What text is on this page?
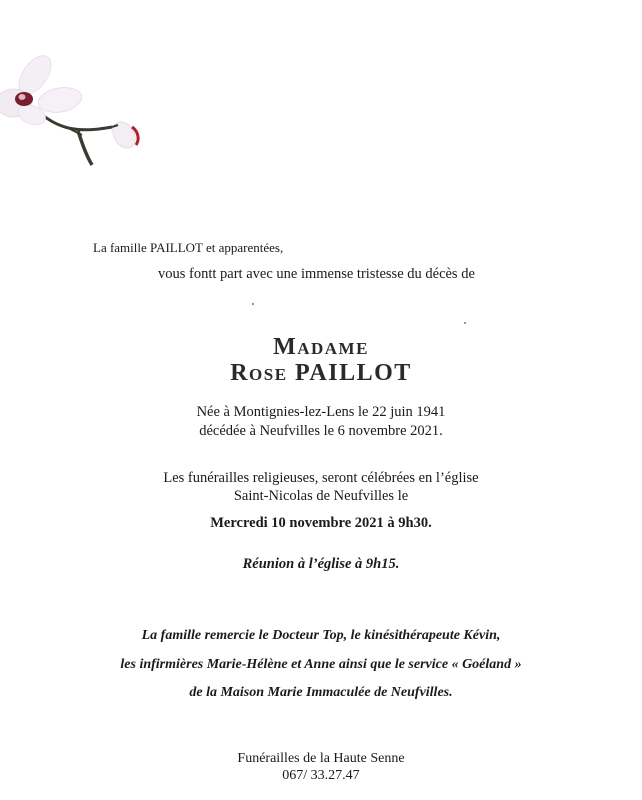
La famille PAILLOT et apparentées,

vous fontt part avec une immense tristesse du décès de

Madame

Rose PAILLOT

Née à Montignies-lez-Lens le 22 juin 1941

décédée à Neufvilles le 6 novembre 2021.

Les funérailles religieuses, seront célébrées en l’église

Saint-Nicolas de Neufvilles le

Mercredi 10 novembre 2021 à 9h30.

Réunion à l’église à 9h15.

La famille remercie le Docteur Top, le kinésithérapeute Kévin,

les infirmières Marie-Hélène et Anne ainsi que le service « Goéland »

de la Maison Marie Immaculée de Neufvilles.

Funérailles de la Haute Senne

067/ 33.27.47
